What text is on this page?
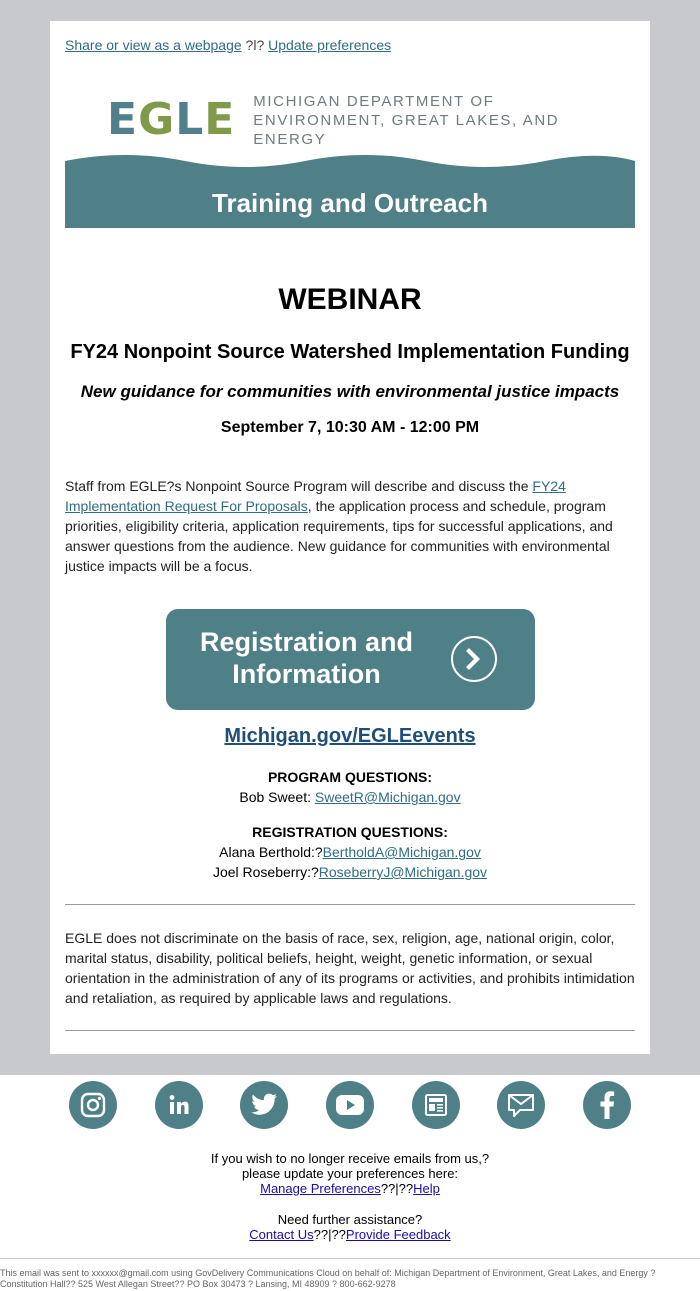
Share or view as a webpage ?l? Update preferences
EGLE MICHIGAN DEPARTMENT OF
ENVIRONMENT, GREAT LAKES, AND ENERGY
Training and Outreach
WEBINAR
FY24 Nonpoint Source Watershed Implementation Funding
New guidance for communities with environmental justice impacts
September 7, 10:30 AM - 12:00 PM
Staff from EGLE?s Nonpoint Source Program will describe and discuss the FY24 Implementation Request For Proposals, the application process and schedule, program priorities, eligibility criteria, application requirements, tips for successful applications, and answer questions from the audience. New guidance for communities with environmental justice impacts will be a focus.
Registration and
Information
Michigan.gov/EGLEevents
PROGRAM QUESTIONS:
Bob Sweet: SweetR@Michigan.gov
REGISTRATION QUESTIONS:
Alana Berthold:?BertholdA@Michigan.gov
Joel Roseberry:?RoseberryJ@Michigan.gov
EGLE does not discriminate on the basis of race, sex, religion, age, national origin, color, marital status, disability, political beliefs, height, weight, genetic information, or sexual orientation in the administration of any of its programs or activities, and prohibits intimidation and retaliation, as required by applicable laws and regulations.
If you wish to no longer receive emails from us,?
please update your preferences here:
Manage Preferences??|??Help
Need further assistance?
Contact Us??|??Provide Feedback
This email was sent to xxxxxx@gmail.com using GovDelivery Communications Cloud on behalf of: Michigan Department of Environment, Great Lakes, and Energy ? Constitution Hall?? 525 West Allegan Street?? PO Box 30473 ? Lansing, MI 48909 ? 800-662-9278
